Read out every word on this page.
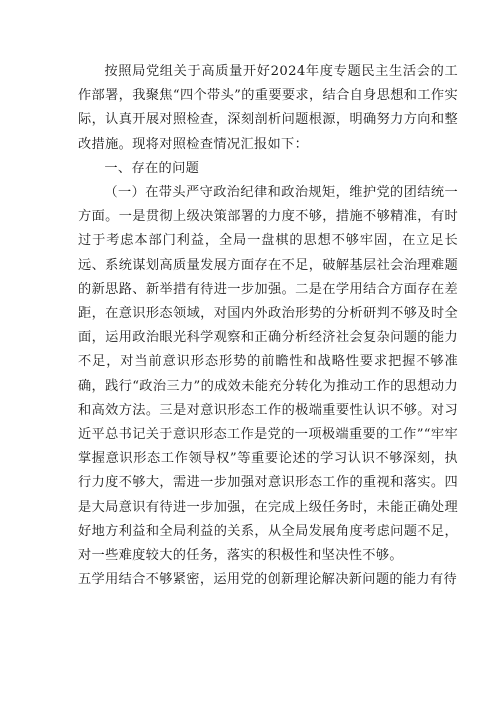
按照局党组关于高质量开好2024年度专题民主生活会的工作部署，我聚焦“四个带头”的重要要求，结合自身思想和工作实际，认真开展对照检查，深刻剖析问题根源，明确努力方向和整改措施。现将对照检查情况汇报如下：

一、存在的问题

（一）在带头严守政治纪律和政治规矩，维护党的团结统一方面。一是贯彻上级决策部署的力度不够，措施不够精准，有时过于考虑本部门利益，全局一盘棋的思想不够牢固，在立足长远、系统谋划高质量发展方面存在不足，破解基层社会治理难题的新思路、新举措有待进一步加强。二是在学用结合方面存在差距，在意识形态领域，对国内外政治形势的分析研判不够及时全面，运用政治眼光科学观察和正确分析经济社会复杂问题的能力不足，对当前意识形态形势的前瞻性和战略性要求把握不够准确，践行“政治三力”的成效未能充分转化为推动工作的思想动力和高效方法。三是对意识形态工作的极端重要性认识不够。对习近平总书记关于意识形态工作是党的一项极端重要的工作”“牢牢掌握意识形态工作领导权”等重要论述的学习认识不够深刻，执行力度不够大，需进一步加强对意识形态工作的重视和落实。四是大局意识有待进一步加强，在完成上级任务时，未能正确处理好地方利益和全局利益的关系，从全局发展角度考虑问题不足，对一些难度较大的任务，落实的积极性和坚决性不够。

五学用结合不够紧密，运用党的创新理论解决新问题的能力有待
